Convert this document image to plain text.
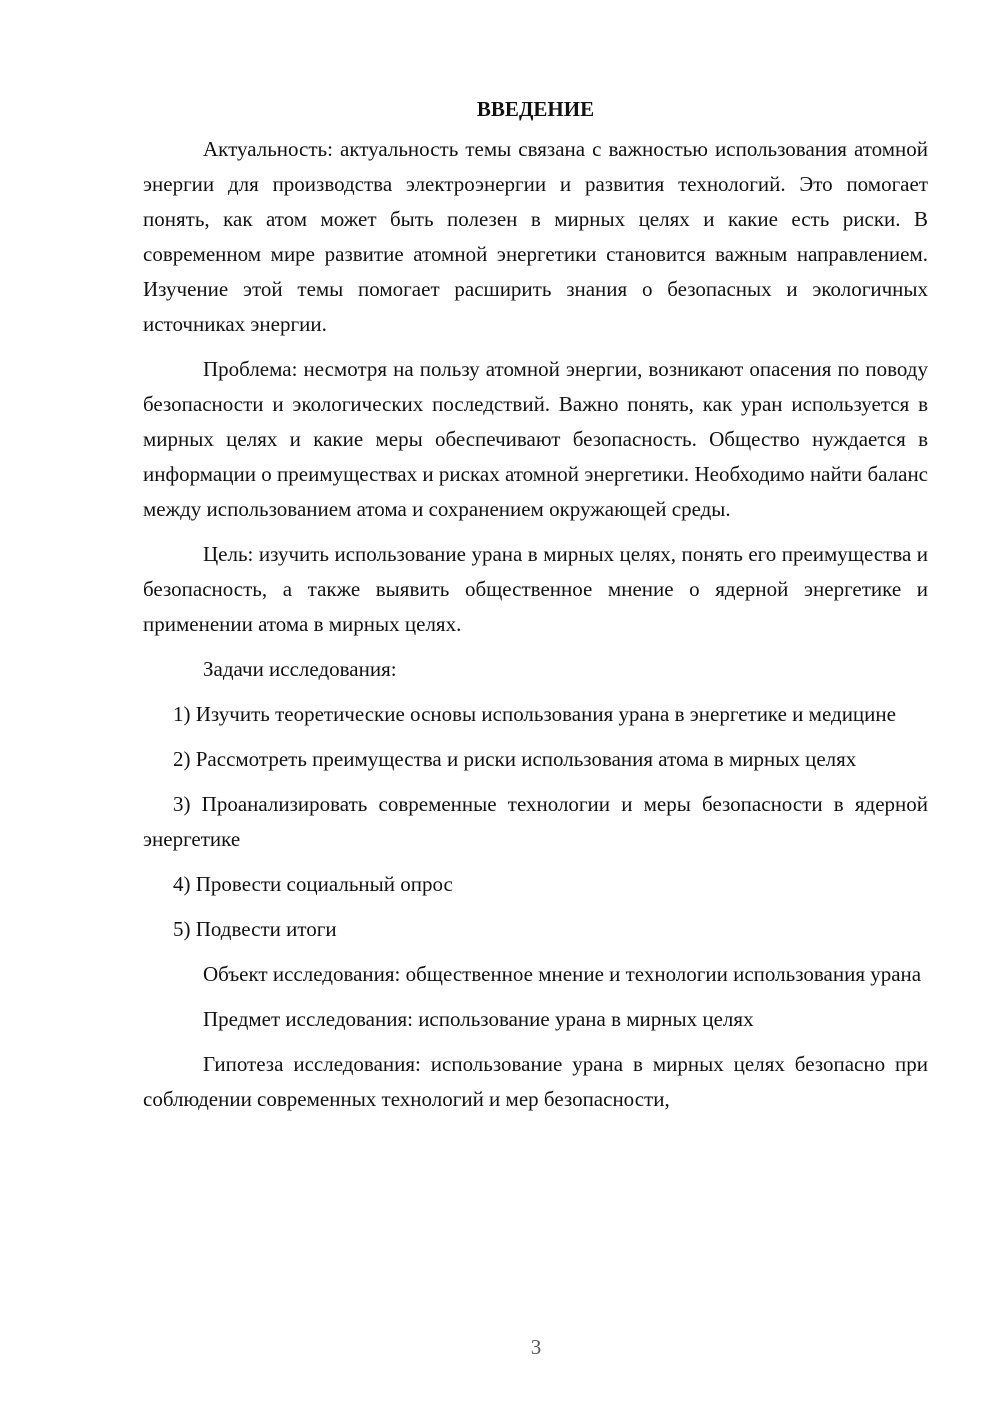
ВВЕДЕНИЕ

Актуальность: актуальность темы связана с важностью использования атомной энергии для производства электроэнергии и развития технологий. Это помогает понять, как атом может быть полезен в мирных целях и какие есть риски. В современном мире развитие атомной энергетики становится важным направлением. Изучение этой темы помогает расширить знания о безопасных и экологичных источниках энергии.

Проблема: несмотря на пользу атомной энергии, возникают опасения по поводу безопасности и экологических последствий. Важно понять, как уран используется в мирных целях и какие меры обеспечивают безопасность. Общество нуждается в информации о преимуществах и рисках атомной энергетики. Необходимо найти баланс между использованием атома и сохранением окружающей среды.

Цель: изучить использование урана в мирных целях, понять его преимущества и безопасность, а также выявить общественное мнение о ядерной энергетике и применении атома в мирных целях.

Задачи исследования:

1) Изучить теоретические основы использования урана в энергетике и медицине

2) Рассмотреть преимущества и риски использования атома в мирных целях

3) Проанализировать современные технологии и меры безопасности в ядерной энергетике

4) Провести социальный опрос

5) Подвести итоги

Объект исследования: общественное мнение и технологии использования урана

Предмет исследования: использование урана в мирных целях

Гипотеза исследования: использование урана в мирных целях безопасно при соблюдении современных технологий и мер безопасности,

3
